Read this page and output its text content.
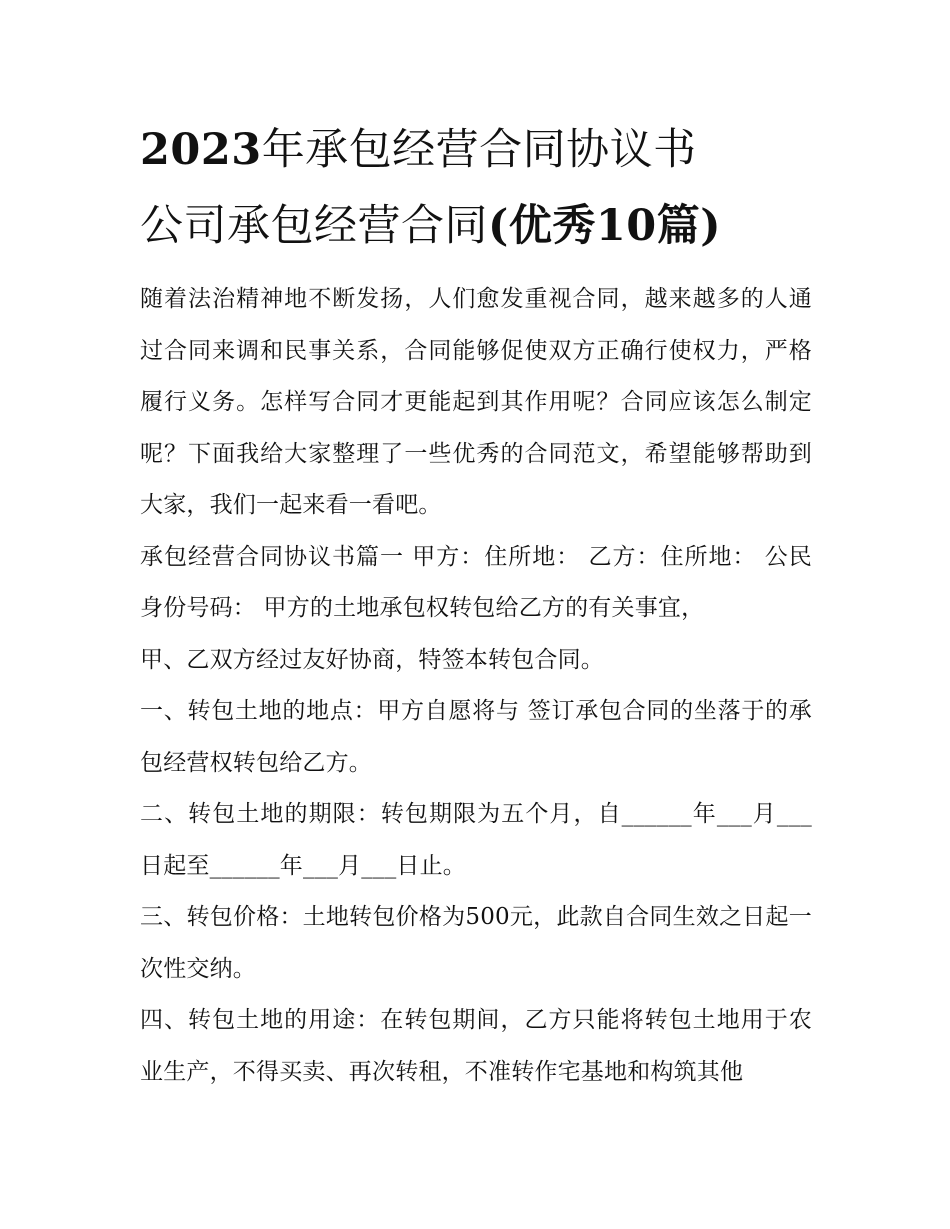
2023年承包经营合同协议书
公司承包经营合同(优秀10篇)

随着法治精神地不断发扬，人们愈发重视合同，越来越多的人通过合同来调和民事关系，合同能够促使双方正确行使权力，严格履行义务。怎样写合同才更能起到其作用呢？合同应该怎么制定呢？下面我给大家整理了一些优秀的合同范文，希望能够帮助到大家，我们一起来看一看吧。

承包经营合同协议书篇一 甲方：住所地： 乙方：住所地： 公民身份号码： 甲方的土地承包权转包给乙方的有关事宜，

甲、乙双方经过友好协商，特签本转包合同。

一、转包土地的地点：甲方自愿将与 签订承包合同的坐落于的承包经营权转包给乙方。

二、转包土地的期限：转包期限为五个月，自______年___月___日起至______年___月___日止。

三、转包价格：土地转包价格为500元，此款自合同生效之日起一次性交纳。

四、转包土地的用途：在转包期间，乙方只能将转包土地用于农业生产，不得买卖、再次转租，不准转作宅基地和构筑其他
